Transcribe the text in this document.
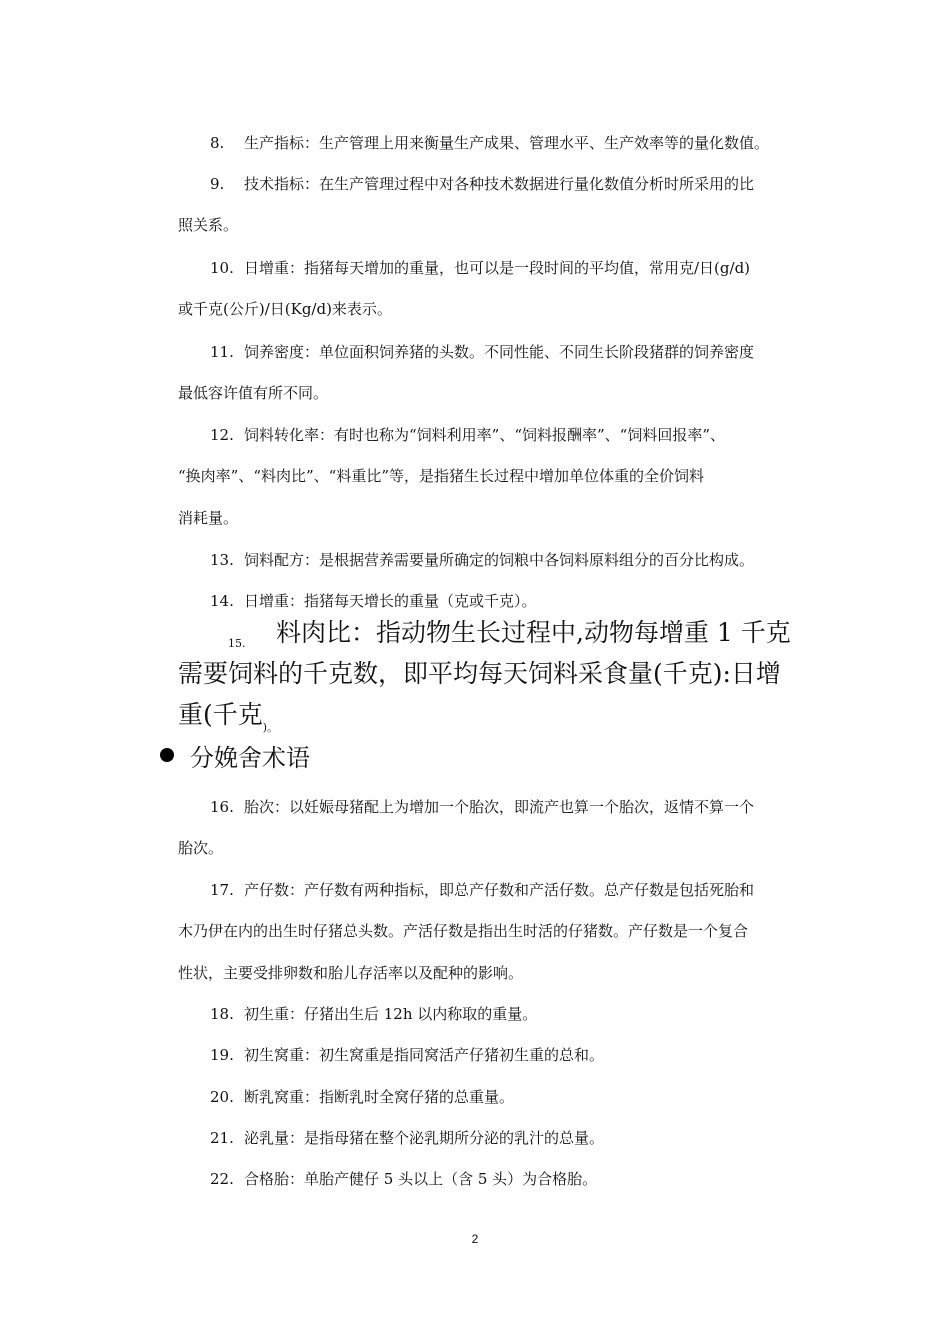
8. 生产指标：生产管理上用来衡量生产成果、管理水平、生产效率等的量化数值。
9. 技术指标：在生产管理过程中对各种技术数据进行量化数值分析时所采用的比
照关系。
10. 日增重：指猪每天增加的重量，也可以是一段时间的平均值，常用克/日(g/d)
或千克(公斤)/日(Kg/d)来表示。
11. 饲养密度：单位面积饲养猪的头数。不同性能、不同生长阶段猪群的饲养密度
最低容许值有所不同。
12. 饲料转化率：有时也称为“饲料利用率”、“饲料报酬率”、“饲料回报率”、
“换肉率”、“料肉比”、“料重比”等，是指猪生长过程中增加单位体重的全价饲料
消耗量。
13. 饲料配方：是根据营养需要量所确定的饲粮中各饲料原料组分的百分比构成。
14. 日增重：指猪每天增长的重量（克或千克）。
15. 料肉比：指动物生长过程中,动物每增重 1 千克
需要饲料的千克数，即平均每天饲料采食量(千克):日增
重(千克$_{)。}$
分娩舍术语
16. 胎次：以妊娠母猪配上为增加一个胎次，即流产也算一个胎次，返情不算一个
胎次。
17. 产仔数：产仔数有两种指标，即总产仔数和产活仔数。总产仔数是包括死胎和
木乃伊在内的出生时仔猪总头数。产活仔数是指出生时活的仔猪数。产仔数是一个复合
性状，主要受排卵数和胎儿存活率以及配种的影响。
18. 初生重：仔猪出生后 12h 以内称取的重量。
19. 初生窝重：初生窝重是指同窝活产仔猪初生重的总和。
20. 断乳窝重：指断乳时全窝仔猪的总重量。
21. 泌乳量：是指母猪在整个泌乳期所分泌的乳汁的总量。
22. 合格胎：单胎产健仔 5 头以上（含 5 头）为合格胎。
2
